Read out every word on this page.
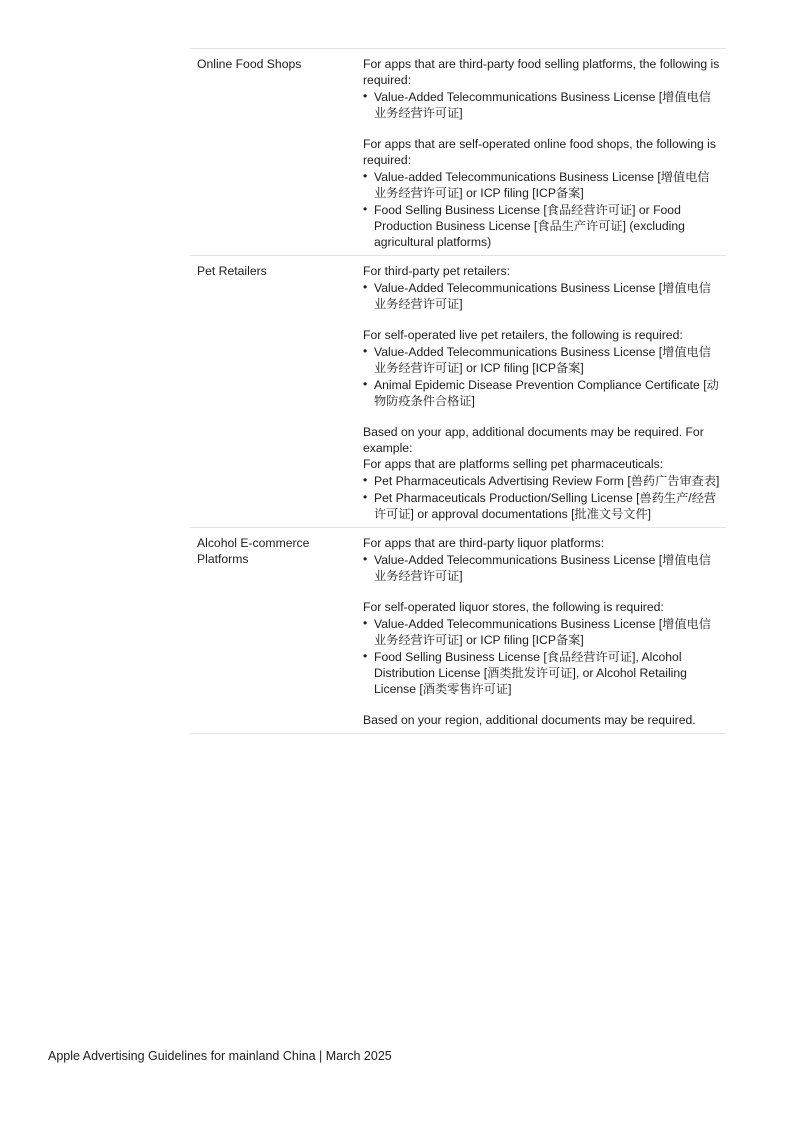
Online Food Shops	For apps that are third-party food selling platforms, the following is required:

• Value-Added Telecommunications Business License [增值电信业务经营许可证]

For apps that are self-operated online food shops, the following is required:

• Value-added Telecommunications Business License [增值电信业务经营许可证] or ICP filing [ICP备案]
• Food Selling Business License [食品经营许可证] or Food Production Business License [食品生产许可证] (excluding agricultural platforms)
Pet Retailers	For third-party pet retailers:

• Value-Added Telecommunications Business License [增值电信业务经营许可证]

For self-operated live pet retailers, the following is required:

• Value-Added Telecommunications Business License [增值电信业务经营许可证] or ICP filing [ICP备案]
• Animal Epidemic Disease Prevention Compliance Certificate [动物防疫条件合格证]

Based on your app, additional documents may be required. For example:

For apps that are platforms selling pet pharmaceuticals:

• Pet Pharmaceuticals Advertising Review Form [兽药广告审查表]
• Pet Pharmaceuticals Production/Selling License [兽药生产/经营许可证] or approval documentations [批准文号文件]
Alcohol E-commerce
Platforms

For apps that are third-party liquor platforms:

• Value-Added Telecommunications Business License [增值电信业务经营许可证]

For self-operated liquor stores, the following is required:

• Value-Added Telecommunications Business License [增值电信业务经营许可证] or ICP filing [ICP备案]
• Food Selling Business License [食品经营许可证], Alcohol Distribution License [酒类批发许可证], or Alcohol Retailing License [酒类零售许可证]

Based on your region, additional documents may be required.

Apple Advertising Guidelines for mainland China | March 2025
